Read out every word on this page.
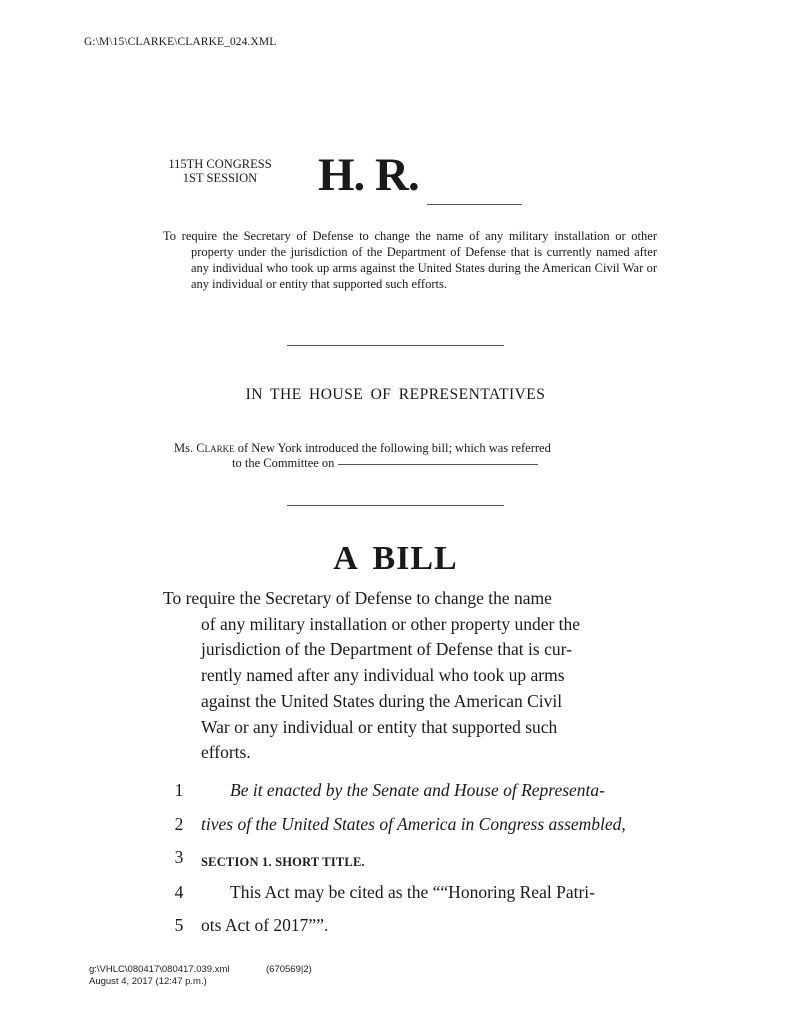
G:\M\15\CLARKE\CLARKE_024.XML
115TH CONGRESS
1ST SESSION	H. R.
To require the Secretary of Defense to change the name of any military installation or other property under the jurisdiction of the Department of Defense that is currently named after any individual who took up arms against the United States during the American Civil War or any individual or entity that supported such efforts.
IN THE HOUSE OF REPRESENTATIVES
Ms. Clarke of New York introduced the following bill; which was referred
to the Committee on
A BILL
To require the Secretary of Defense to change the name
of any military installation or other property under the
jurisdiction of the Department of Defense that is cur-
rently named after any individual who took up arms
against the United States during the American Civil
War or any individual or entity that supported such
efforts.
1	Be it enacted by the Senate and House of Representa-
2 tives of the United States of America in Congress assembled,
3 SECTION 1. SHORT TITLE.
4	This Act may be cited as the ““Honoring Real Patri-
5 ots Act of 2017””.
g:\VHLC\080417\080417.039.xml	(670569|2)
August 4, 2017 (12:47 p.m.)
